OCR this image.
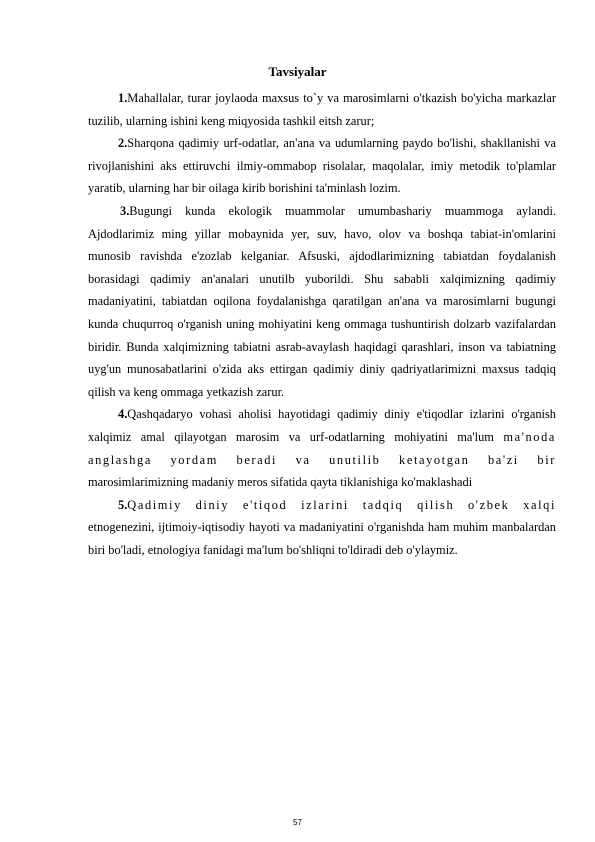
Tavsiyalar

1.Mahallalar, turar joylaoda maxsus to`y va marosimlarni o'tkazish bo'yicha markazlar tuzilib, ularning ishini keng miqyosida tashkil eitsh zarur;

2.Sharqona qadimiy urf-odatlar, an'ana va udumlarning paydo bo'lishi, shakllanishi va rivojlanishini aks ettiruvchi ilmiy-ommabop risolalar, maqolalar, imiy metodik to'plamlar yaratib, ularning har bir oilaga kirib borishini ta'minlash lozim.

3.Bugungi kunda ekologik muammolar umumbashariy muammoga aylandi. Ajdodlarimiz ming yillar mobaynida yer, suv, havo, olov va boshqa tabiat-in'omlarini munosib ravishda e'zozlab kelganiar. Afsuski, ajdodlarimizning tabiatdan foydalanish borasidagi qadimiy an'analari unutilb yuborildi. Shu sababli xalqimizning qadimiy madaniyatini, tabiatdan oqilona foydalanishga qaratilgan an'ana va marosimlarni bugungi kunda chuqurroq o'rganish uning mohiyatini keng ommaga tushuntirish dolzarb vazifalardan biridir. Bunda xalqimizning tabiatni asrab-avaylash haqidagi qarashlari, inson va tabiatning uyg'un munosabatlarini o'zida aks ettirgan qadimiy diniy qadriyatlarimizni maxsus tadqiq qilish va keng ommaga yetkazish zarur.

4.Qashqadaryo vohasi aholisi hayotidagi qadimiy diniy e'tiqodlar izlarini o'rganish xalqimiz amal qilayotgan marosim va urf-odatlarning mohiyatini ma'lum ma'noda anglashga yordam beradi va unutilib ketayotgan ba'zi bir marosimlarimizning madaniy meros sifatida qayta tiklanishiga ko'maklashadi

5.Qadimiy diniy e'tiqod izlarini tadqiq qilish o'zbek xalqi etnogenezini, ijtimoiy-iqtisodiy hayoti va madaniyatini o'rganishda ham muhim manbalardan biri bo'ladi, etnologiya fanidagi ma'lum bo'shliqni to'ldiradi deb o'ylaymiz.

57
